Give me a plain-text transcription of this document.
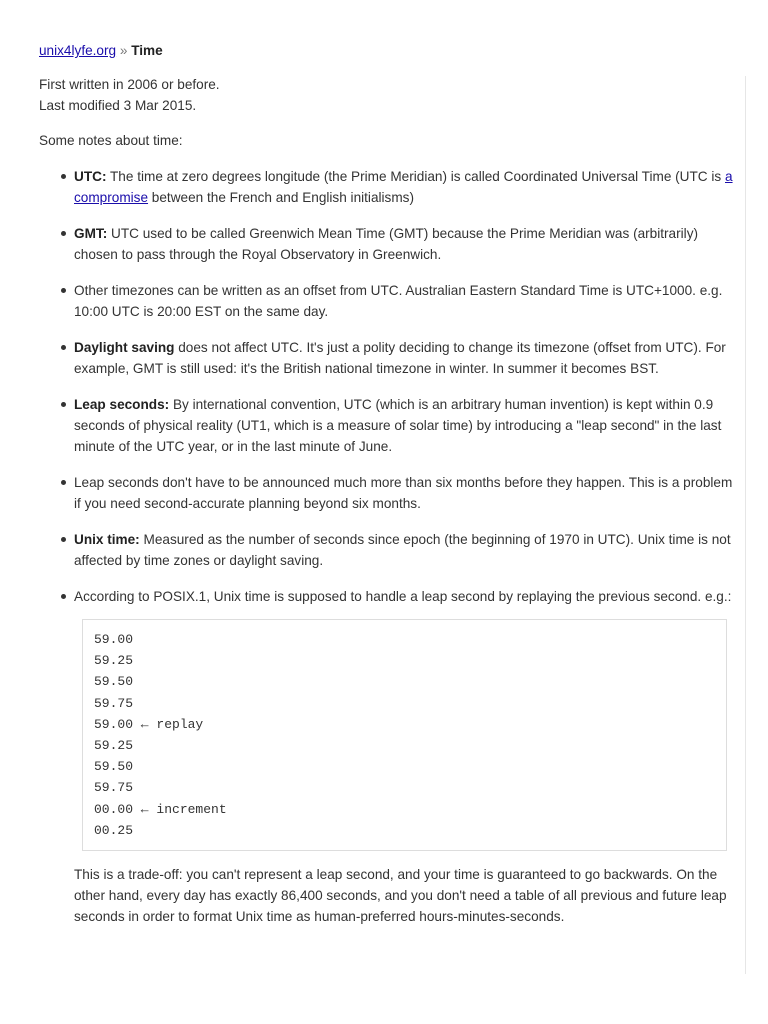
unix4lyfe.org » Time

First written in 2006 or before.

Last modified 3 Mar 2015.

Some notes about time:

UTC: The time at zero degrees longitude (the Prime Meridian) is called Coordinated Universal Time (UTC is a compromise between the French and English initialisms)
GMT: UTC used to be called Greenwich Mean Time (GMT) because the Prime Meridian was (arbitrarily) chosen to pass through the Royal Observatory in Greenwich.
Other timezones can be written as an offset from UTC. Australian Eastern Standard Time is UTC+1000. e.g. 10:00 UTC is 20:00 EST on the same day.
Daylight saving does not affect UTC. It's just a polity deciding to change its timezone (offset from UTC). For example, GMT is still used: it's the British national timezone in winter. In summer it becomes BST.
Leap seconds: By international convention, UTC (which is an arbitrary human invention) is kept within 0.9 seconds of physical reality (UT1, which is a measure of solar time) by introducing a "leap second" in the last minute of the UTC year, or in the last minute of June.
Leap seconds don't have to be announced much more than six months before they happen. This is a problem if you need second-accurate planning beyond six months.
Unix time: Measured as the number of seconds since epoch (the beginning of 1970 in UTC). Unix time is not affected by time zones or daylight saving.
According to POSIX.1, Unix time is supposed to handle a leap second by replaying the previous second. e.g.:
59.00
59.25
59.50
59.75
59.00 ← replay
59.25
59.50
59.75
00.00 ← increment
00.25

This is a trade-off: you can't represent a leap second, and your time is guaranteed to go backwards. On the other hand, every day has exactly 86,400 seconds, and you don't need a table of all previous and future leap seconds in order to format Unix time as human-preferred hours-minutes-seconds.
